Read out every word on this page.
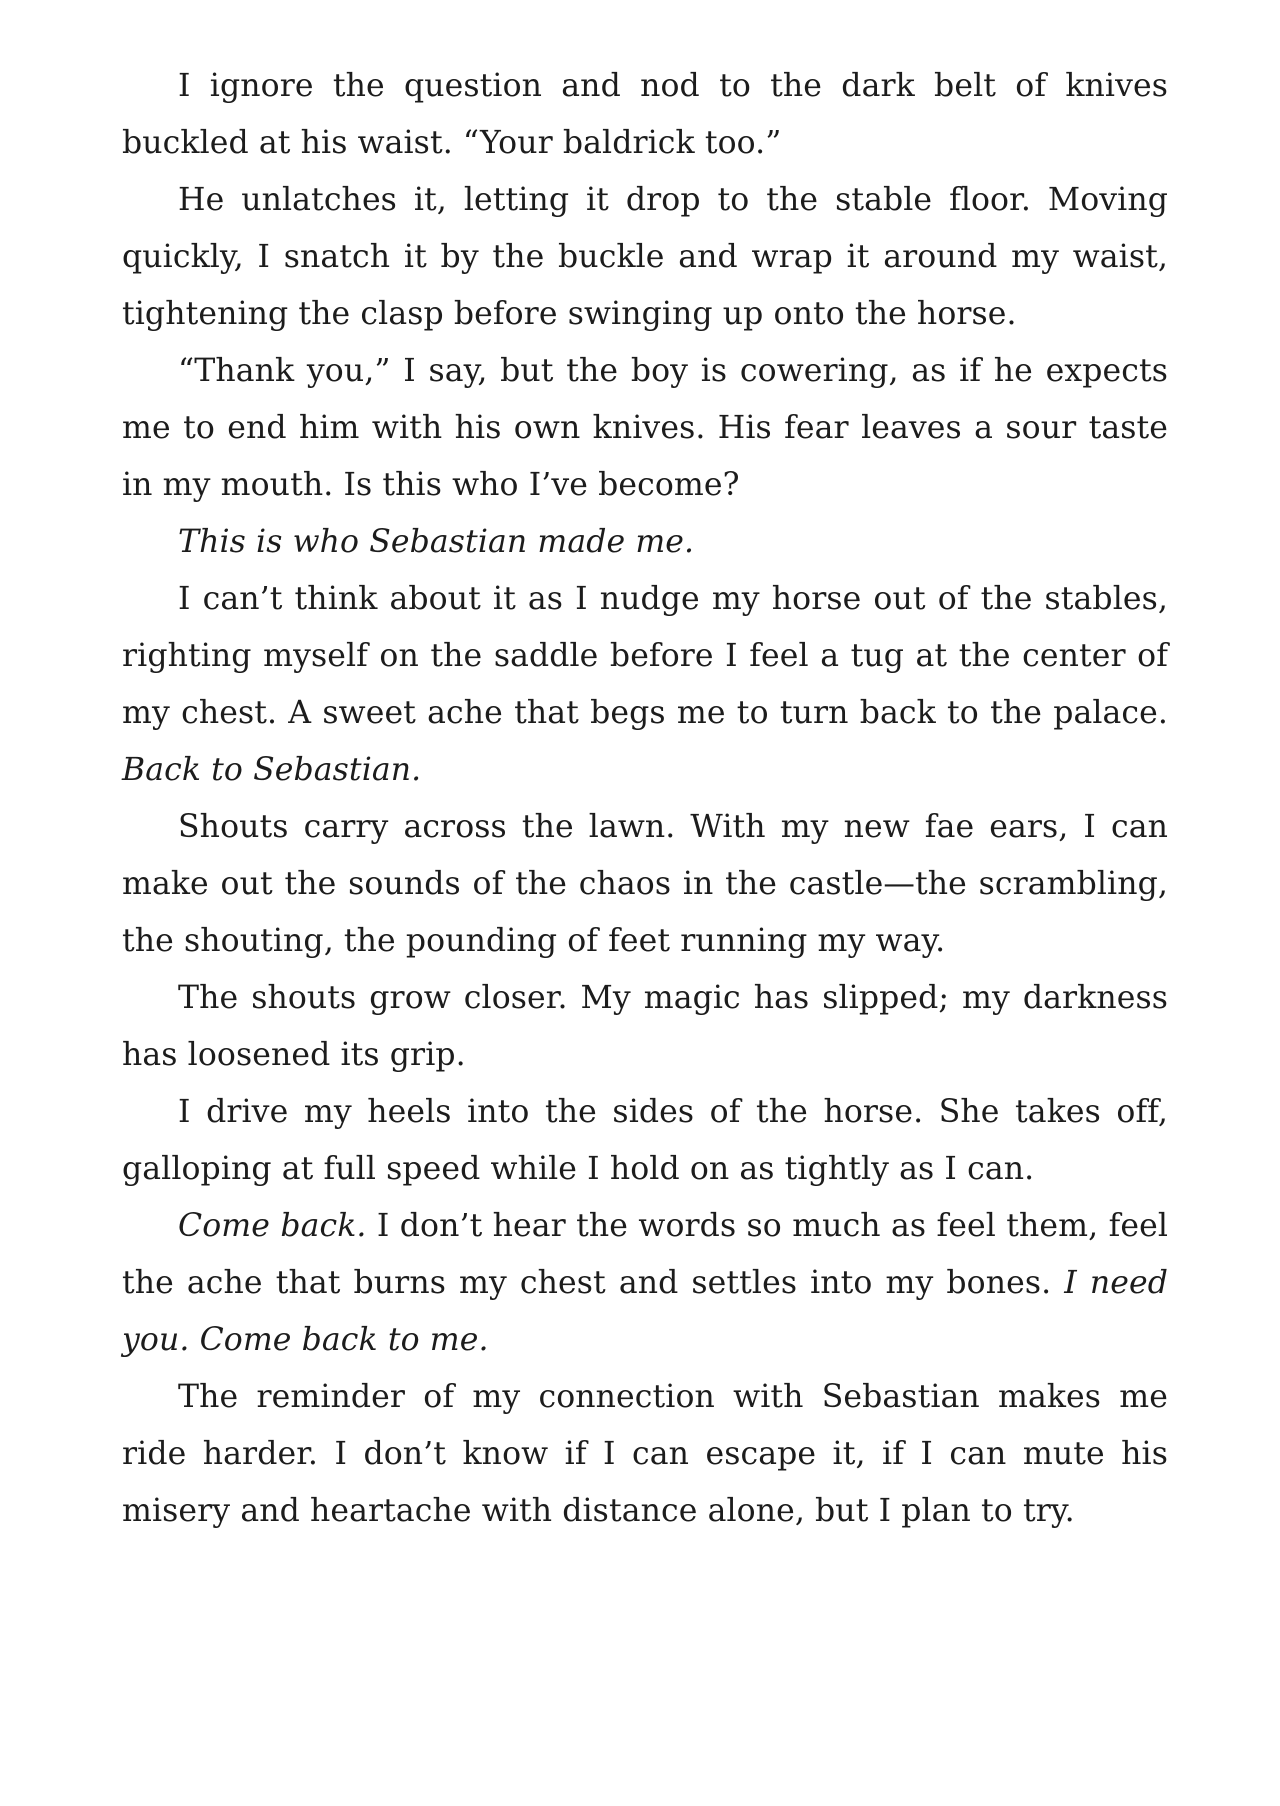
I ignore the question and nod to the dark belt of knives buckled at his waist. “Your baldrick too.”

He unlatches it, letting it drop to the stable floor. Moving quickly, I snatch it by the buckle and wrap it around my waist, tightening the clasp before swinging up onto the horse.

“Thank you,” I say, but the boy is cowering, as if he expects me to end him with his own knives. His fear leaves a sour taste in my mouth. Is this who I’ve become?

This is who Sebastian made me.

I can’t think about it as I nudge my horse out of the stables, righting myself on the saddle before I feel a tug at the center of my chest. A sweet ache that begs me to turn back to the palace. Back to Sebastian.

Shouts carry across the lawn. With my new fae ears, I can make out the sounds of the chaos in the castle—the scrambling, the shouting, the pounding of feet running my way.

The shouts grow closer. My magic has slipped; my darkness has loosened its grip.

I drive my heels into the sides of the horse. She takes off, galloping at full speed while I hold on as tightly as I can.

Come back. I don’t hear the words so much as feel them, feel the ache that burns my chest and settles into my bones. I need you. Come back to me.

The reminder of my connection with Sebastian makes me ride harder. I don’t know if I can escape it, if I can mute his misery and heartache with distance alone, but I plan to try.
